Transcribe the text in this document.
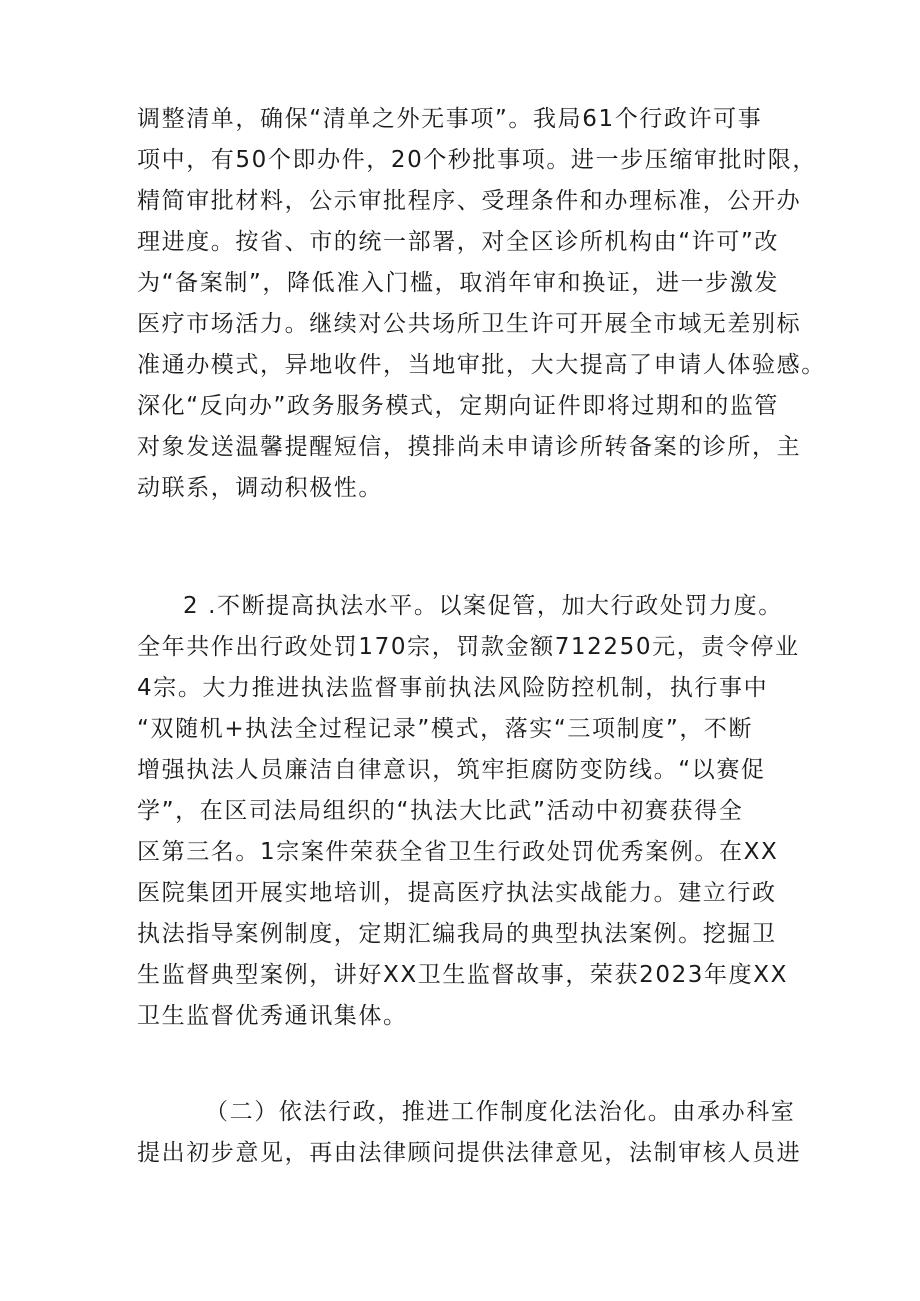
调整清单，确保“清单之外无事项”。我局61个行政许可事
项中，有50个即办件，20个秒批事项。进一步压缩审批时限，
精简审批材料，公示审批程序、受理条件和办理标准，公开办
理进度。按省、市的统一部署，对全区诊所机构由“许可”改
为“备案制”，降低准入门槛，取消年审和换证，进一步激发
医疗市场活力。继续对公共场所卫生许可开展全市域无差别标
准通办模式，异地收件，当地审批，大大提高了申请人体验感。
深化“反向办”政务服务模式，定期向证件即将过期和的监管
对象发送温馨提醒短信，摸排尚未申请诊所转备案的诊所，主
动联系，调动积极性。
2 .不断提高执法水平。以案促管，加大行政处罚力度。
全年共作出行政处罚170宗，罚款金额712250元，责令停业
4宗。大力推进执法监督事前执法风险防控机制，执行事中
“双随机+执法全过程记录”模式，落实“三项制度”，不断
增强执法人员廉洁自律意识，筑牢拒腐防变防线。“以赛促
学”，在区司法局组织的“执法大比武”活动中初赛获得全
区第三名。1宗案件荣获全省卫生行政处罚优秀案例。在XX
医院集团开展实地培训，提高医疗执法实战能力。建立行政
执法指导案例制度，定期汇编我局的典型执法案例。挖掘卫
生监督典型案例，讲好XX卫生监督故事，荣获2023年度XX
卫生监督优秀通讯集体。
（二）依法行政，推进工作制度化法治化。由承办科室
提出初步意见，再由法律顾问提供法律意见，法制审核人员进
